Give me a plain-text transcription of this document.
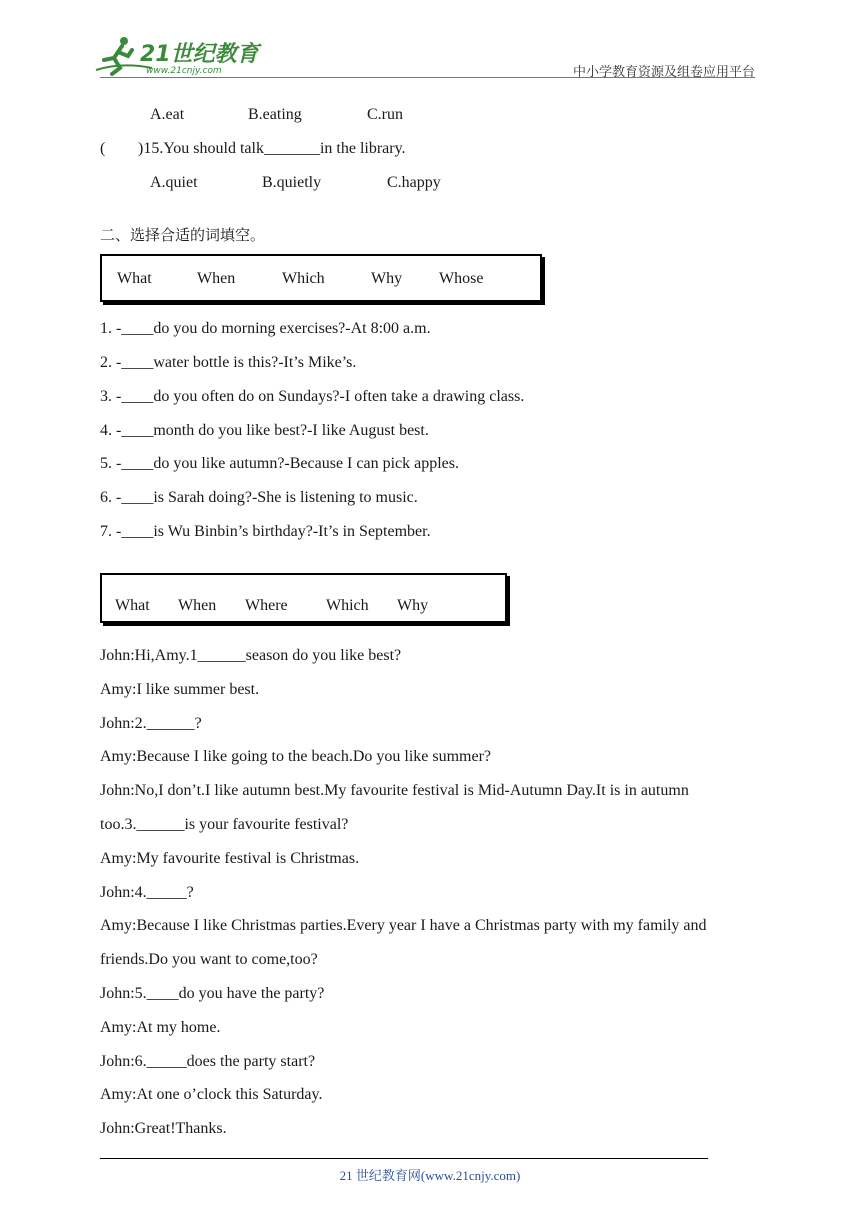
21世纪教育
www.21cnjy.com	中小学教育资源及组卷应用平台
A.eat	B.eating	C.run
( )15.You should talk_______in the library.
A.quiet	B.quietly	C.happy
二、选择合适的词填空。
What	When	Which	Why Whose
1. -____do you do morning exercises?-At 8:00 a.m.
2. -____water bottle is this?-It’s Mike’s.
3. -____do you often do on Sundays?-I often take a drawing class.
4. -____month do you like best?-I like August best.
5. -____do you like autumn?-Because I can pick apples.
6. -____is Sarah doing?-She is listening to music.
7. -____is Wu Binbin’s birthday?-It’s in September.
What When Where Which Why
John:Hi,Amy.1______season do you like best?
Amy:I like summer best.
John:2.______?
Amy:Because I like going to the beach.Do you like summer?
John:No,I don’t.I like autumn best.My favourite festival is Mid-Autumn Day.It is in autumn
too.3.______is your favourite festival?
Amy:My favourite festival is Christmas.
John:4._____?
Amy:Because I like Christmas parties.Every year I have a Christmas party with my family and
friends.Do you want to come,too?
John:5.____do you have the party?
Amy:At my home.
John:6._____does the party start?
Amy:At one o’clock this Saturday.
John:Great!Thanks.
21 世纪教育网(www.21cnjy.com)
